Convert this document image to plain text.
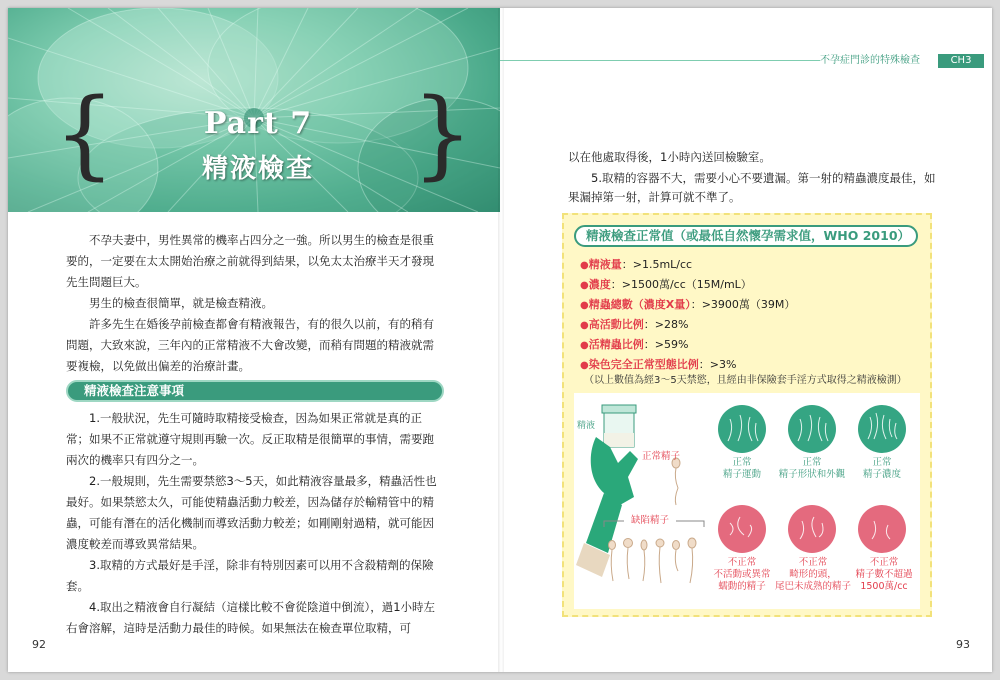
{	}
Part 7
精液檢查

不孕夫妻中，男性異常的機率占四分之一強。所以男生的檢查是很重要的，一定要在太太開始治療之前就得到結果，以免太太治療半天才發現先生問題巨大。

男生的檢查很簡單，就是檢查精液。

許多先生在婚後孕前檢查都會有精液報告，有的很久以前，有的稍有問題，大致來說，三年內的正常精液不大會改變，而稍有問題的精液就需要複檢，以免做出偏差的治療計畫。

精液檢查注意事項

1.一般狀況，先生可隨時取精接受檢查，因為如果正常就是真的正常；如果不正常就遵守規則再驗一次。反正取精是很簡單的事情，需要跑兩次的機率只有四分之一。

2.一般規則，先生需要禁慾3～5天，如此精液容量最多，精蟲活性也最好。如果禁慾太久，可能使精蟲活動力較差，因為儲存於輸精管中的精蟲，可能有潛在的活化機制而導致活動力較差；如剛剛射過精，就可能因濃度較差而導致異常結果。

3.取精的方式最好是手淫，除非有特別因素可以用不含殺精劑的保險套。

4.取出之精液會自行凝結（這樣比較不會從陰道中倒流），過1小時左右會溶解，這時是活動力最佳的時候。如果無法在檢查單位取精，可

92
不孕症門診的特殊檢查	CH3
以在他處取得後，1小時內送回檢驗室。
5.取精的容器不大，需要小心不要遺漏。第一射的精蟲濃度最佳，如果漏掉第一射，計算可就不準了。
精液檢查正常值（或最低自然懷孕需求值，WHO 2010）
●精液量：>1.5mL/cc
●濃度：>1500萬/cc（15M/mL）
●精蟲總數（濃度X量）：>3900萬（39M）
●高活動比例：>28%
●活精蟲比例：>59%
●染色完全正常型態比例：>3%
（以上數值為經3～5天禁慾，且經由非保險套手淫方式取得之精液檢測）
精液
正常精子
缺陷精子
正常
精子運動
正常
精子形狀和外觀
正常
精子濃度
不正常
不活動或異常
蠕動的精子
不正常
畸形的頭，
尾巴未成熟的精子
不正常
精子數不超過
1500萬/cc
93
